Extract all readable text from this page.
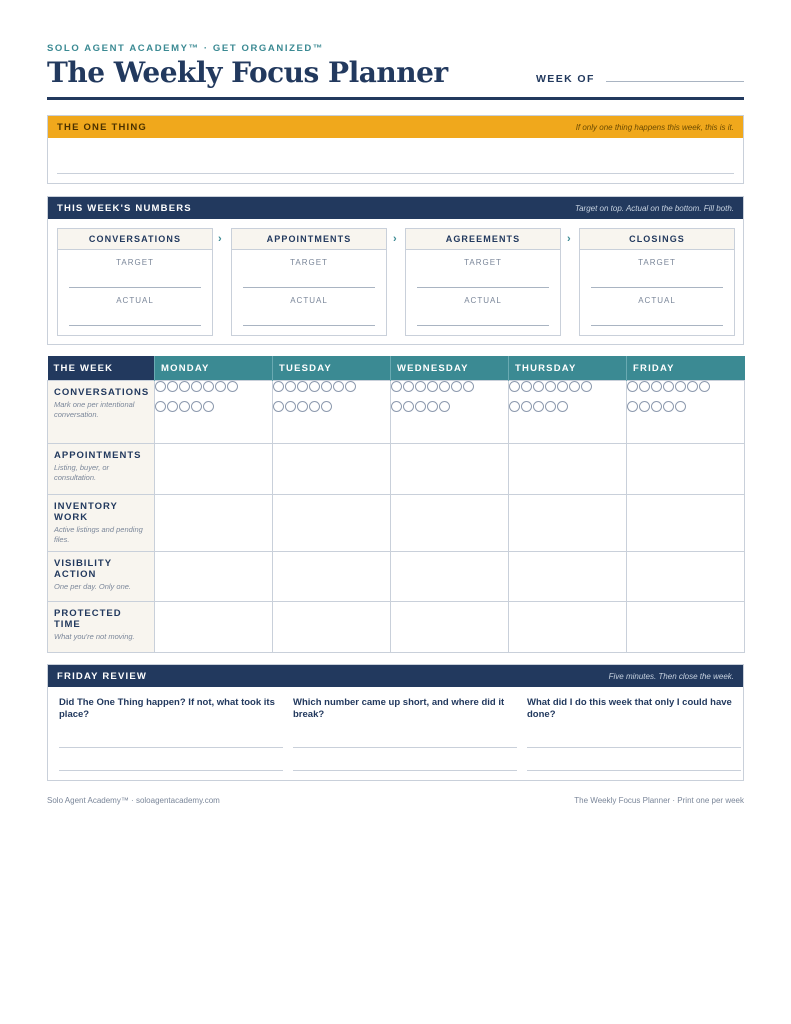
SOLO AGENT ACADEMY™ · GET ORGANIZED™
The Weekly Focus Planner	WEEK OF
THE ONE THING	If only one thing happens this week, this is it.
THIS WEEK'S NUMBERS	Target on top. Actual on the bottom. Fill both.
CONVERSATIONS
TARGET
ACTUAL
›	APPOINTMENTS
TARGET
ACTUAL
›	AGREEMENTS
TARGET
ACTUAL
›	CLOSINGS
TARGET
ACTUAL
THE WEEK	MONDAY	TUESDAY	WEDNESDAY	THURSDAY	FRIDAY

CONVERSATIONS
Mark one per intentional conversation.					

APPOINTMENTS
Listing, buyer, or consultation.					

INVENTORY WORK
Active listings and pending files.					

VISIBILITY ACTION
One per day. Only one.					

PROTECTED TIME
What you're not moving.					

FRIDAY REVIEW	Five minutes. Then close the week.
Did The One Thing happen? If not, what took its place?
Which number came up short, and where did it break?
What did I do this week that only I could have done?
Solo Agent Academy™ · soloagentacademy.com	The Weekly Focus Planner · Print one per week
